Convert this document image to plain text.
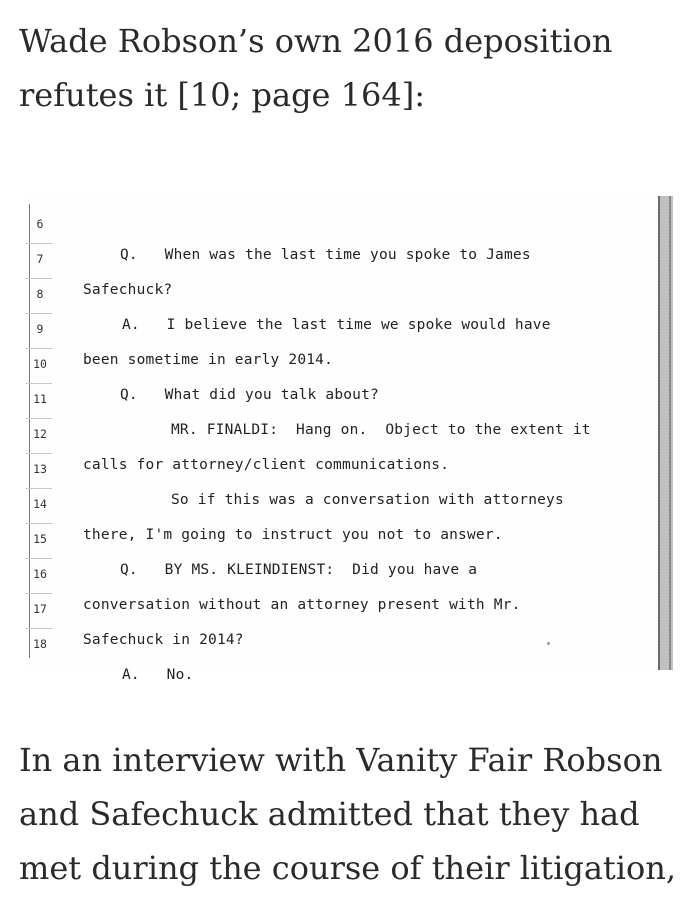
Wade Robson’s own 2016 deposition
refutes it [10; page 164]:

6

Q.   When was the last time you spoke to James

7

Safechuck?

8

A.   I believe the last time we spoke would have

9

been sometime in early 2014.

10

Q.   What did you talk about?

11

MR. FINALDI:  Hang on.  Object to the extent it

12

calls for attorney/client communications.

13

So if this was a conversation with attorneys

14

there, I'm going to instruct you not to answer.

15

Q.   BY MS. KLEINDIENST:  Did you have a

16

conversation without an attorney present with Mr.

17

Safechuck in 2014?

18

A.   No.

In an interview with Vanity Fair Robson
and Safechuck admitted that they had
met during the course of their litigation,
